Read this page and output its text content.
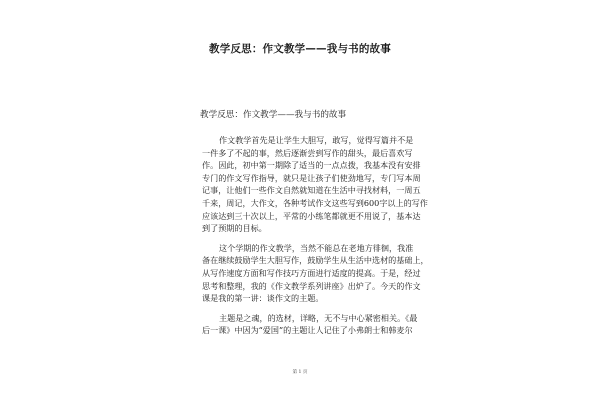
教学反思：作文教学——我与书的故事
教学反思：作文教学——我与书的故事
作文教学首先是让学生大胆写，敢写，觉得写篇并不是
一件多了不起的事，然后逐渐尝到写作的甜头，最后喜欢写
作。因此，初中第一期除了适当的一点点拨，我基本没有安排
专门的作文写作指导，就只是让孩子们使劲地写，专门写本周
记事，让他们一些作文自然就知道在生活中寻找材料，一周五
千来，周记，大作文，各种考试作文这些写到600字以上的写作
应该达到三十次以上，平常的小练笔都就更不用说了，基本达
到了预期的目标。
这个学期的作文教学，当然不能总在老地方徘徊，我准
备在继续鼓励学生大胆写作，鼓励学生从生活中选材的基础上，
从写作速度方面和写作技巧方面进行适度的提高。于是，经过
思考和整理，我的《作文教学系列讲座》出炉了。今天的作文
课是我的第一讲：谈作文的主题。
主题是之魂，的选材，详略，无不与中心紧密相关。《最
后一课》中因为“爱国”的主题让人记住了小弗朗士和韩麦尔
第 1 页
